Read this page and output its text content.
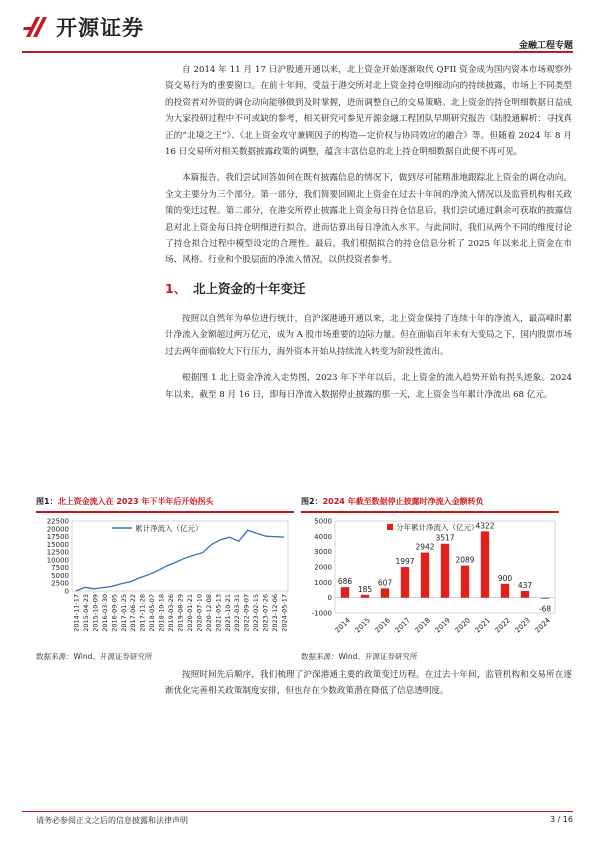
开源证券
金融工程专题

自 2014 年 11 月 17 日沪股通开通以来，北上资金开始逐渐取代 QFII 资金成为国内资本市场观察外资交易行为的重要窗口。在前十年间，受益于港交所对北上资金持仓明细动向的持续披露，市场上不同类型的投资者对外资的调仓动向能够做到及时掌握，进而调整自己的交易策略。北上资金的持仓明细数据日益成为大家投研过程中不可或缺的参考，相关研究可参见开源金融工程团队早期研究报告《陆股通解析：寻找真正的“北境之王”》、《北上资金攻守兼顾因子的构造—定价权与协同效应的融合》等。但随着 2024 年 8 月 16 日交易所对相关数据披露政策的调整，蕴含丰富信息的北上持仓明细数据自此便不再可见。

本篇报告，我们尝试回答如何在既有披露信息的情况下，做到尽可能精准地跟踪北上资金的调仓动向。全文主要分为三个部分。第一部分，我们简要回顾北上资金在过去十年间的净流入情况以及监管机构相关政策的变迁过程。第二部分，在港交所停止披露北上资金每日持仓信息后，我们尝试通过剩余可获取的披露信息对北上资金每日持仓明细进行拟合，进而估算出每日净流入水平。与此同时，我们从两个不同的维度讨论了持仓拟合过程中模型设定的合理性。最后，我们根据拟合的持仓信息分析了 2025 年以来北上资金在市场、风格、行业和个股层面的净流入情况，以供投资者参考。

1、 北上资金的十年变迁

按照以自然年为单位进行统计，自沪深港通开通以来，北上资金保持了连续十年的净流入，最高峰时累计净流入金额超过两万亿元，成为 A 股市场重要的边际力量。但在面临百年未有大变局之下，国内股票市场过去两年面临较大下行压力，海外资本开始从持续流入转变为阶段性流出。

根据图 1 北上资金净流入走势图，2023 年下半年以后，北上资金的流入趋势开始有拐头迹象。2024 年以来，截至 8 月 16 日，即每日净流入数据停止披露的那一天，北上资金当年累计净流出 68 亿元。

图1：北上资金流入在 2023 年下半年后开始拐头
0
2500
5000
7500
10000
12500
15000
17500
20000
22500
2014-11-17 2015-04-23 2015-10-09 2016-03-30 2016-09-05 2017-01-25 2017-06-22 2017-11-28 2018-05-07 2018-10-18 2019-03-26 2019-08-29 2020-01-21 2020-07-10 2020-12-08 2021-05-13 2021-10-21 2022-03-31 2022-09-07 2023-02-15 2023-07-26 2023-12-06 2024-05-17
累计净流入（亿元）
数据来源：Wind、开源证券研究所
图2：2024 年截至数据停止披露时净流入金额转负
-1000
0
1000
2000
3000
4000
5000
686
2014
185
2015
607
2016
1997
2017
2942
2018
3517
2019
2089
2020
4322
2021
900
2022
437
2023
-68
2024
分年累计净流入（亿元）
数据来源：Wind、开源证券研究所

按照时间先后顺序，我们梳理了沪深港通主要的政策变迁历程。在过去十年间，监管机构和交易所在逐渐优化完善相关政策制度安排，但也存在少数政策潜在降低了信息透明度。

请务必参阅正文之后的信息披露和法律声明	3 / 16
